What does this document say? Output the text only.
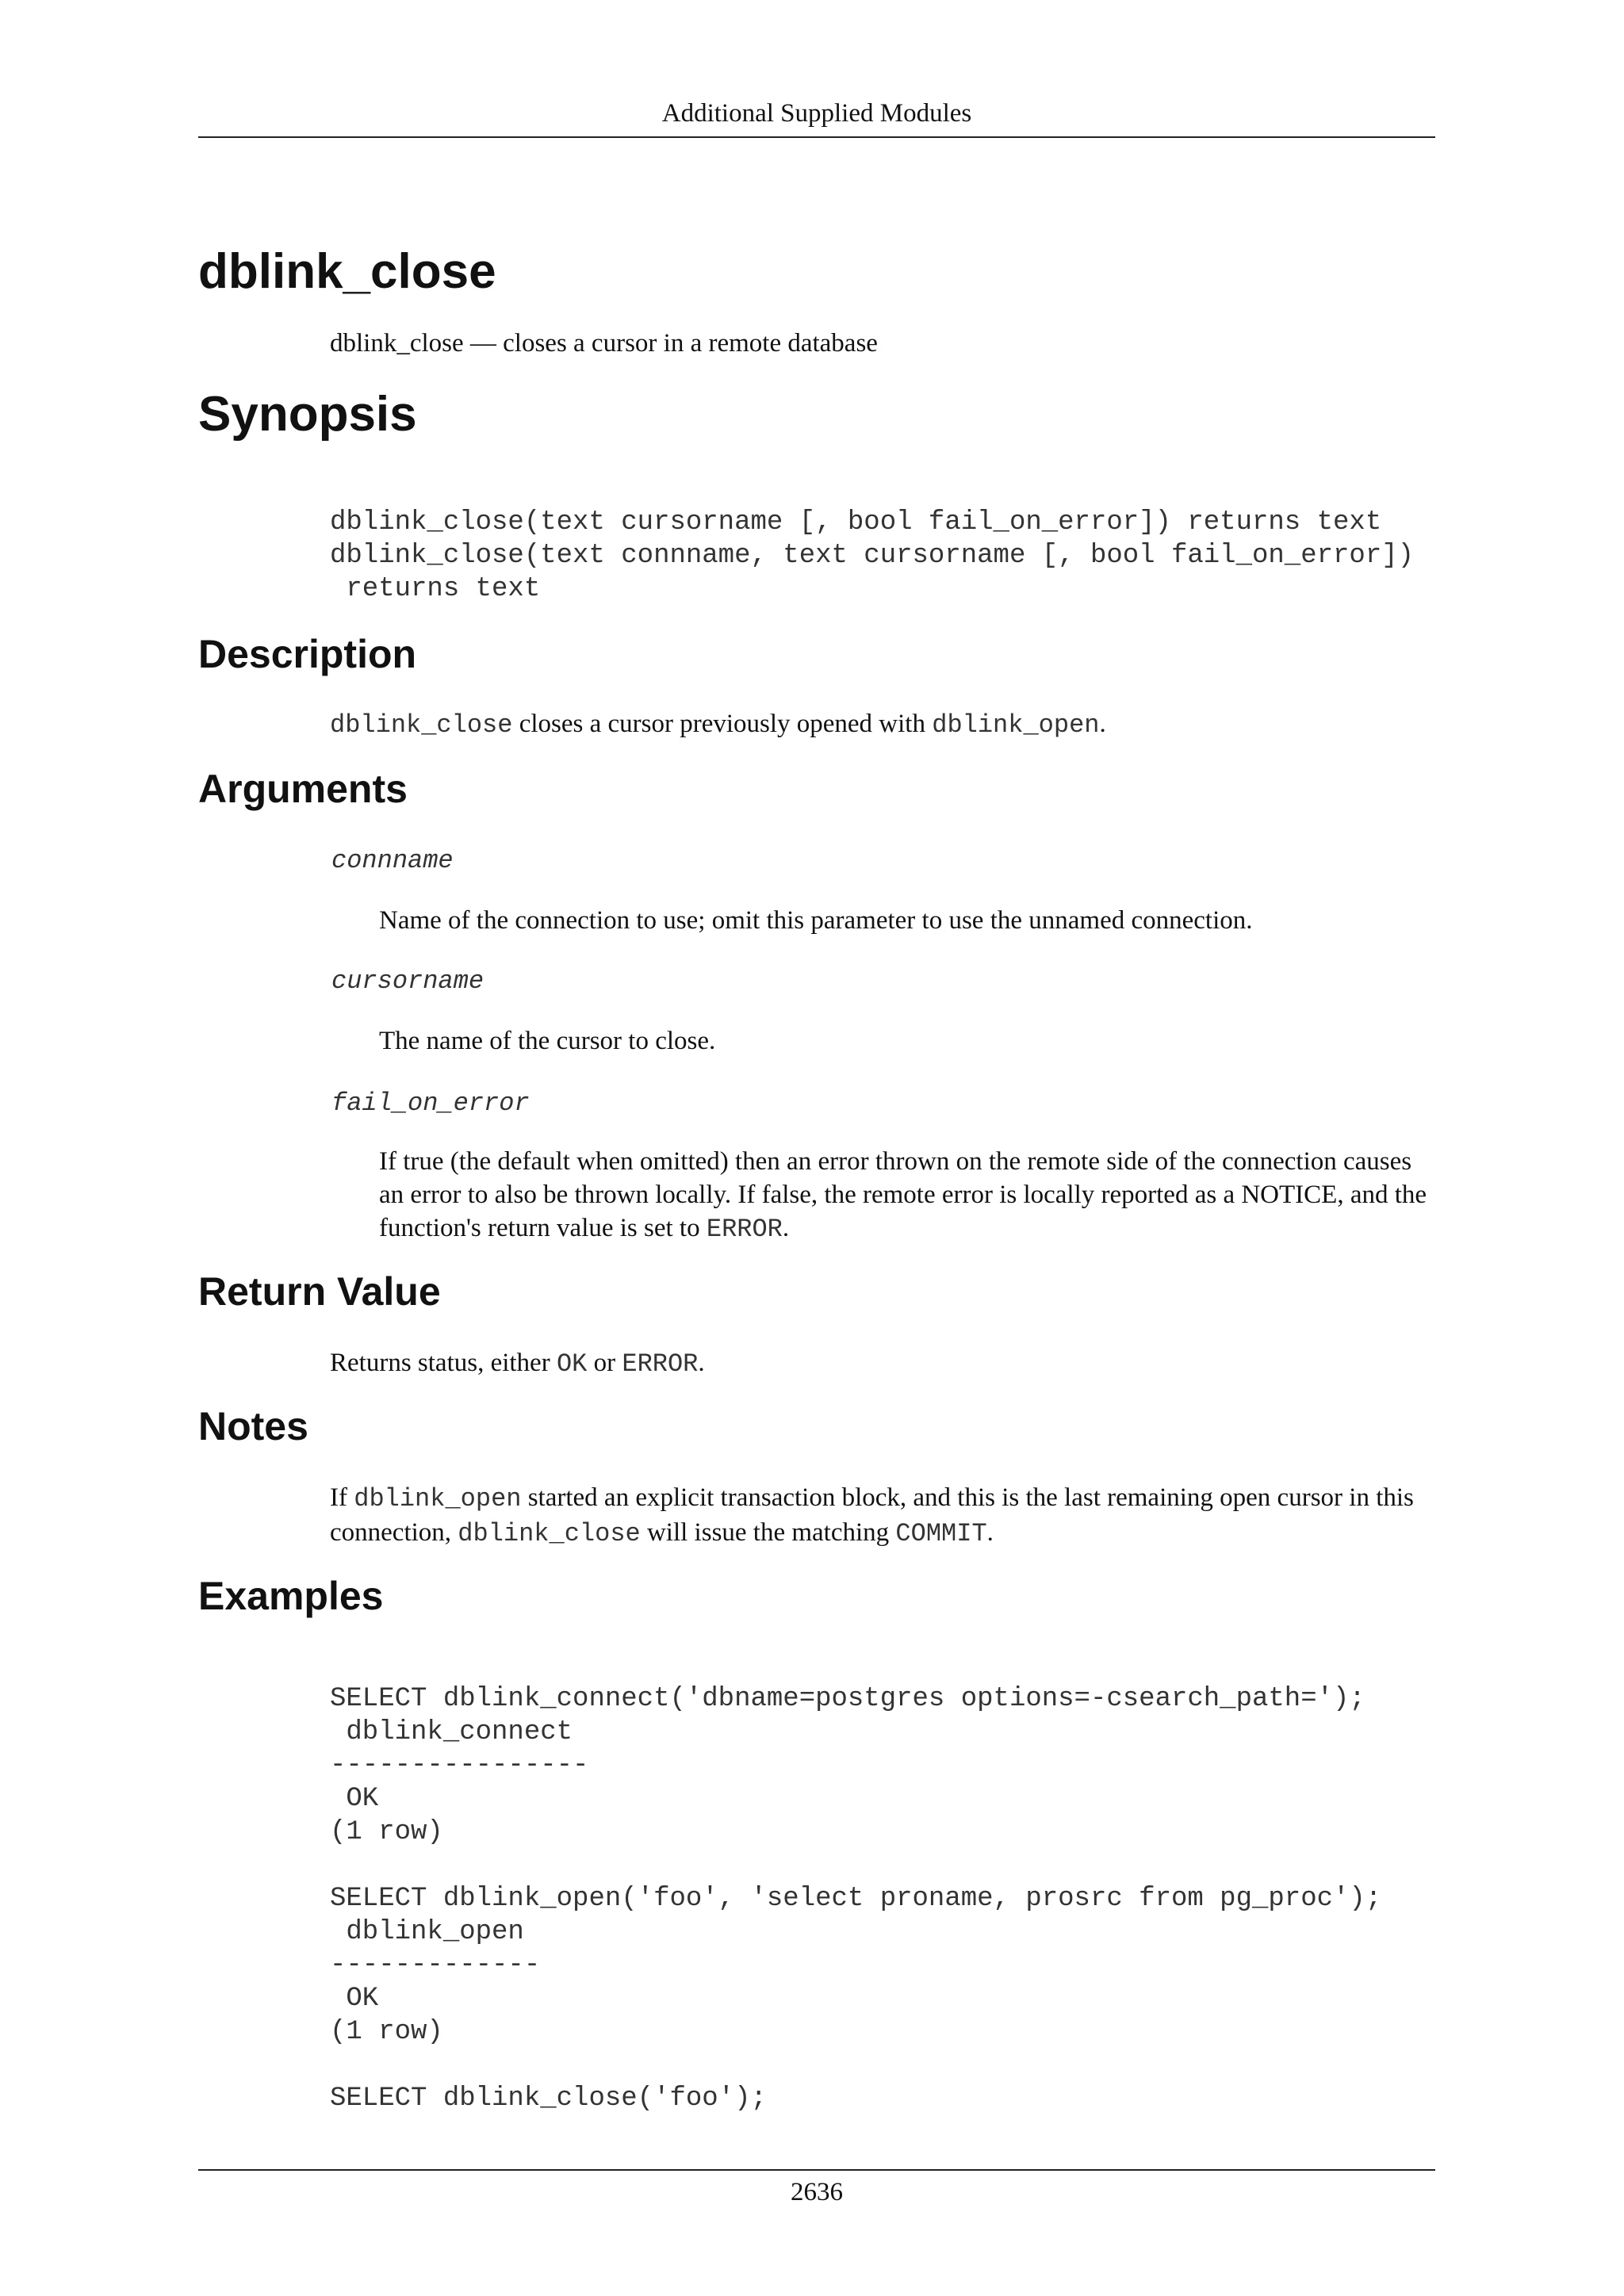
Additional Supplied Modules
dblink_close

dblink_close — closes a cursor in a remote database

Synopsis
dblink_close(text cursorname [, bool fail_on_error]) returns text
dblink_close(text connname, text cursorname [, bool fail_on_error])
returns text
Description

dblink_close closes a cursor previously opened with dblink_open.

Arguments
connname

Name of the connection to use; omit this parameter to use the unnamed connection.

cursorname

The name of the cursor to close.

fail_on_error

If true (the default when omitted) then an error thrown on the remote side of the connection causes an error to also be thrown locally. If false, the remote error is locally reported as a NOTICE, and the function's return value is set to ERROR.

Return Value

Returns status, either OK or ERROR.

Notes

If dblink_open started an explicit transaction block, and this is the last remaining open cursor in this connection, dblink_close will issue the matching COMMIT.

Examples
SELECT dblink_connect('dbname=postgres options=-csearch_path=');
dblink_connect
----------------
OK
(1 row)

SELECT dblink_open('foo', 'select proname, prosrc from pg_proc');
dblink_open
-------------
OK
(1 row)

SELECT dblink_close('foo');
2636
